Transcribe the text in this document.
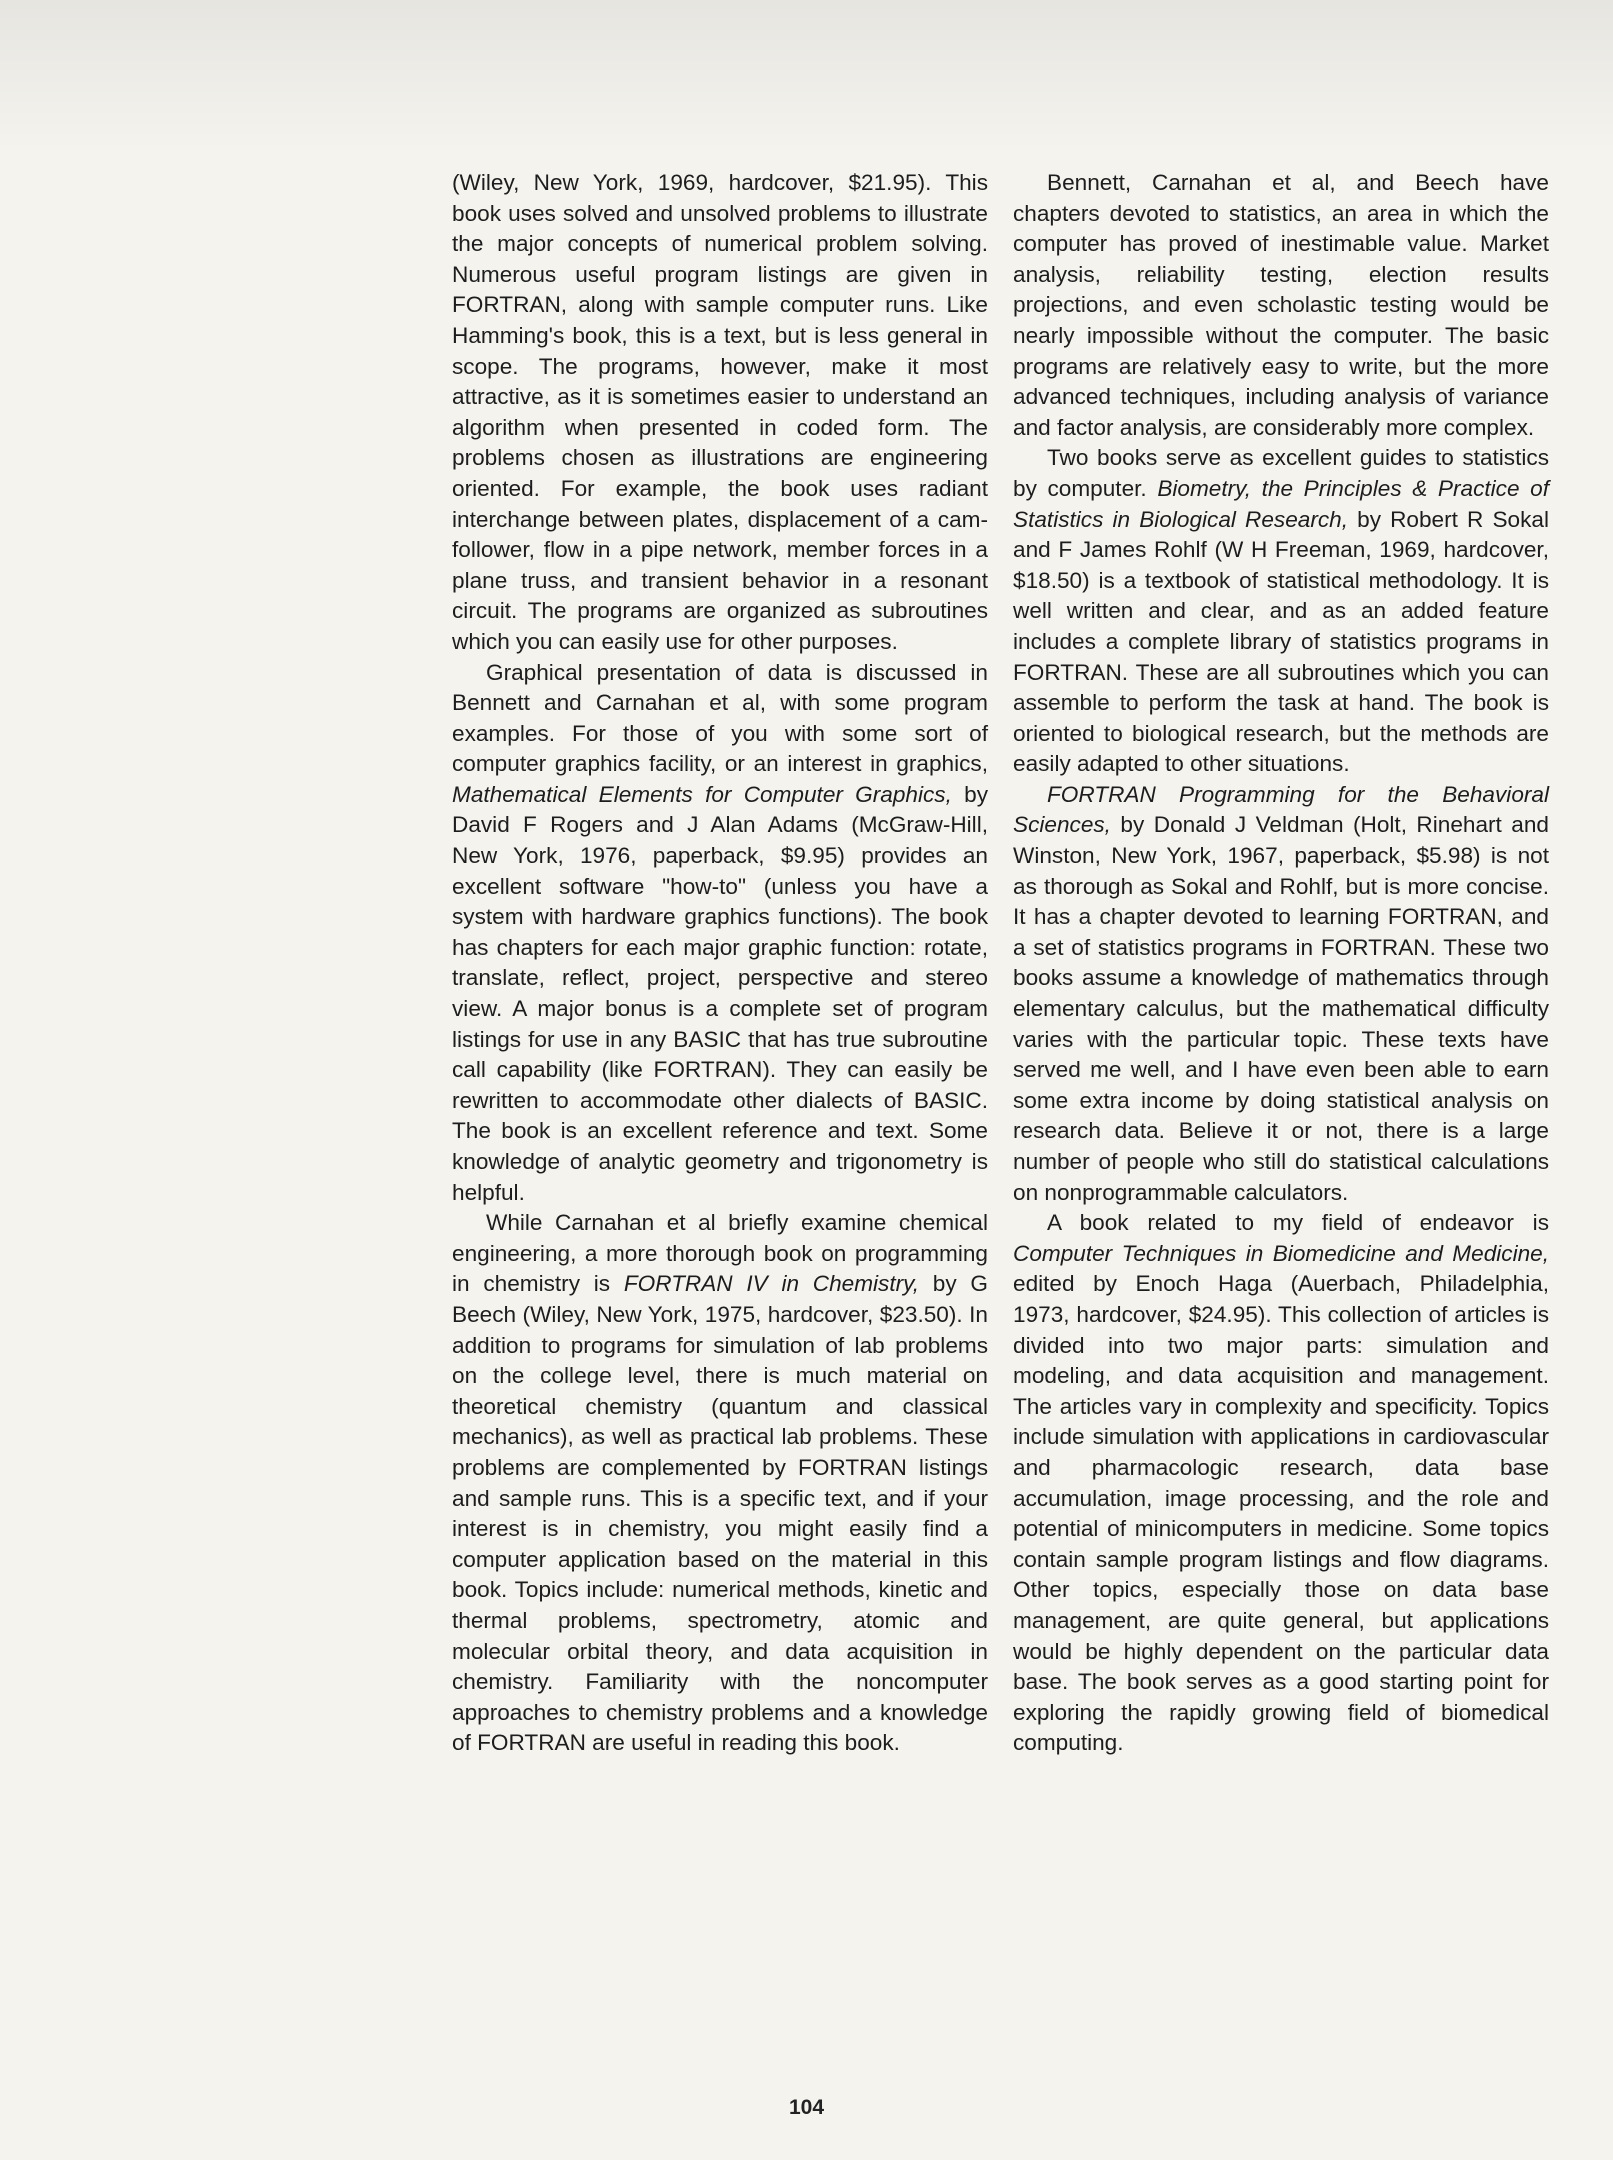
(Wiley, New York, 1969, hardcover, $21.95). This book uses solved and unsolved problems to illustrate the major concepts of numerical problem solving. Numerous useful program listings are given in FORTRAN, along with sample computer runs. Like Hamming's book, this is a text, but is less general in scope. The programs, however, make it most attractive, as it is sometimes easier to understand an algorithm when presented in coded form. The problems chosen as illustrations are engineering oriented. For example, the book uses radiant interchange between plates, displacement of a cam-follower, flow in a pipe network, member forces in a plane truss, and transient behavior in a resonant circuit. The programs are organized as subroutines which you can easily use for other purposes.

Graphical presentation of data is discussed in Bennett and Carnahan et al, with some program examples. For those of you with some sort of computer graphics facility, or an interest in graphics, Mathematical Elements for Computer Graphics, by David F Rogers and J Alan Adams (McGraw-Hill, New York, 1976, paperback, $9.95) provides an excellent software "how-to" (unless you have a system with hardware graphics functions). The book has chapters for each major graphic function: rotate, translate, reflect, project, perspective and stereo view. A major bonus is a complete set of program listings for use in any BASIC that has true subroutine call capability (like FORTRAN). They can easily be rewritten to accommodate other dialects of BASIC. The book is an excellent reference and text. Some knowledge of analytic geometry and trigonometry is helpful.

While Carnahan et al briefly examine chemical engineering, a more thorough book on programming in chemistry is FORTRAN IV in Chemistry, by G Beech (Wiley, New York, 1975, hardcover, $23.50). In addition to programs for simulation of lab problems on the college level, there is much material on theoretical chemistry (quantum and classical mechanics), as well as practical lab problems. These problems are complemented by FORTRAN listings and sample runs. This is a specific text, and if your interest is in chemistry, you might easily find a computer application based on the material in this book. Topics include: numerical methods, kinetic and thermal problems, spectrometry, atomic and molecular orbital theory, and data acquisition in chemistry. Familiarity with the noncomputer approaches to chemistry problems and a knowledge of FORTRAN are useful in reading this book.

Bennett, Carnahan et al, and Beech have chapters devoted to statistics, an area in which the computer has proved of inestimable value. Market analysis, reliability testing, election results projections, and even scholastic testing would be nearly impossible without the computer. The basic programs are relatively easy to write, but the more advanced techniques, including analysis of variance and factor analysis, are considerably more complex.

Two books serve as excellent guides to statistics by computer. Biometry, the Principles & Practice of Statistics in Biological Research, by Robert R Sokal and F James Rohlf (W H Freeman, 1969, hardcover, $18.50) is a textbook of statistical methodology. It is well written and clear, and as an added feature includes a complete library of statistics programs in FORTRAN. These are all subroutines which you can assemble to perform the task at hand. The book is oriented to biological research, but the methods are easily adapted to other situations.

FORTRAN Programming for the Behavioral Sciences, by Donald J Veldman (Holt, Rinehart and Winston, New York, 1967, paperback, $5.98) is not as thorough as Sokal and Rohlf, but is more concise. It has a chapter devoted to learning FORTRAN, and a set of statistics programs in FORTRAN. These two books assume a knowledge of mathematics through elementary calculus, but the mathematical difficulty varies with the particular topic. These texts have served me well, and I have even been able to earn some extra income by doing statistical analysis on research data. Believe it or not, there is a large number of people who still do statistical calculations on nonprogrammable calculators.

A book related to my field of endeavor is Computer Techniques in Biomedicine and Medicine, edited by Enoch Haga (Auerbach, Philadelphia, 1973, hardcover, $24.95). This collection of articles is divided into two major parts: simulation and modeling, and data acquisition and management. The articles vary in complexity and specificity. Topics include simulation with applications in cardiovascular and pharmacologic research, data base accumulation, image processing, and the role and potential of minicomputers in medicine. Some topics contain sample program listings and flow diagrams. Other topics, especially those on data base management, are quite general, but applications would be highly dependent on the particular data base. The book serves as a good starting point for exploring the rapidly growing field of biomedical computing.

104
